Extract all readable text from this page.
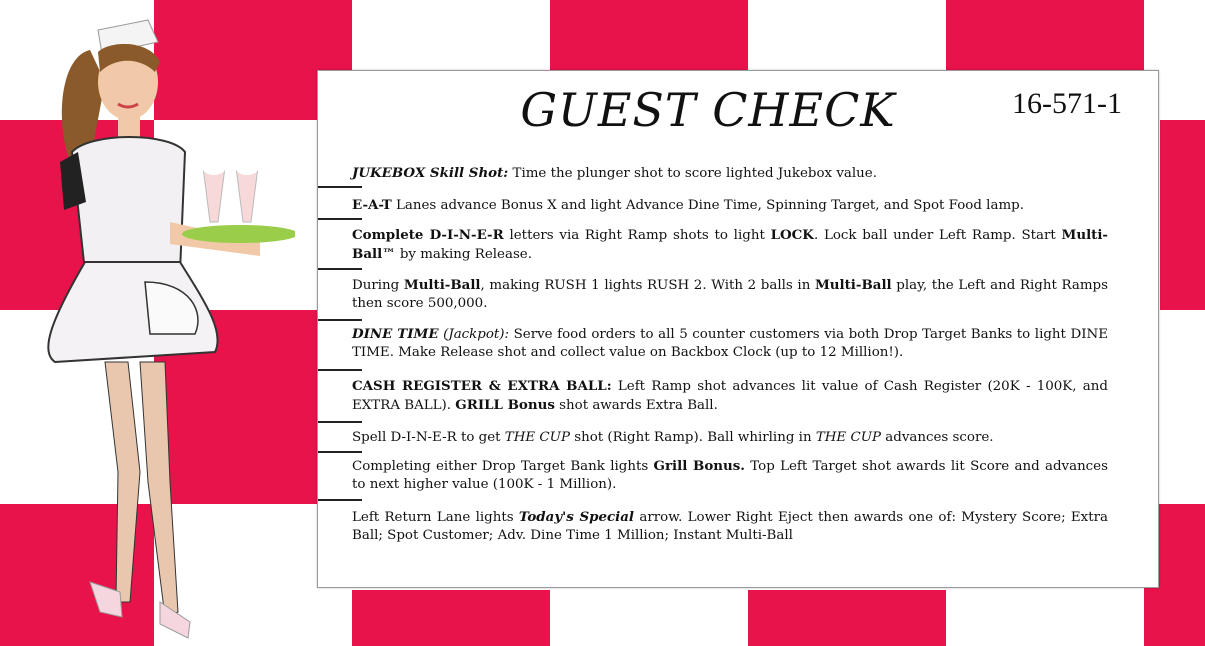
GUEST CHECK	16-571-1
JUKEBOX Skill Shot: Time the plunger shot to score lighted Jukebox value.
E-A-T Lanes advance Bonus X and light Advance Dine Time, Spinning Target, and Spot Food lamp.
Complete D-I-N-E-R letters via Right Ramp shots to light LOCK. Lock ball under Left Ramp. Start Multi-Ball™ by making Release.
During Multi-Ball, making RUSH 1 lights RUSH 2. With 2 balls in Multi-Ball play, the Left and Right Ramps then score 500,000.
DINE TIME (Jackpot): Serve food orders to all 5 counter customers via both Drop Target Banks to light DINE TIME. Make Release shot and collect value on Backbox Clock (up to 12 Million!).
CASH REGISTER & EXTRA BALL: Left Ramp shot advances lit value of Cash Register (20K - 100K, and EXTRA BALL). GRILL Bonus shot awards Extra Ball.
Spell D-I-N-E-R to get THE CUP shot (Right Ramp). Ball whirling in THE CUP advances score.
Completing either Drop Target Bank lights Grill Bonus. Top Left Target shot awards lit Score and advances to next higher value (100K - 1 Million).
Left Return Lane lights Today's Special arrow. Lower Right Eject then awards one of: Mystery Score; Extra Ball; Spot Customer; Adv. Dine Time 1 Million; Instant Multi-Ball
